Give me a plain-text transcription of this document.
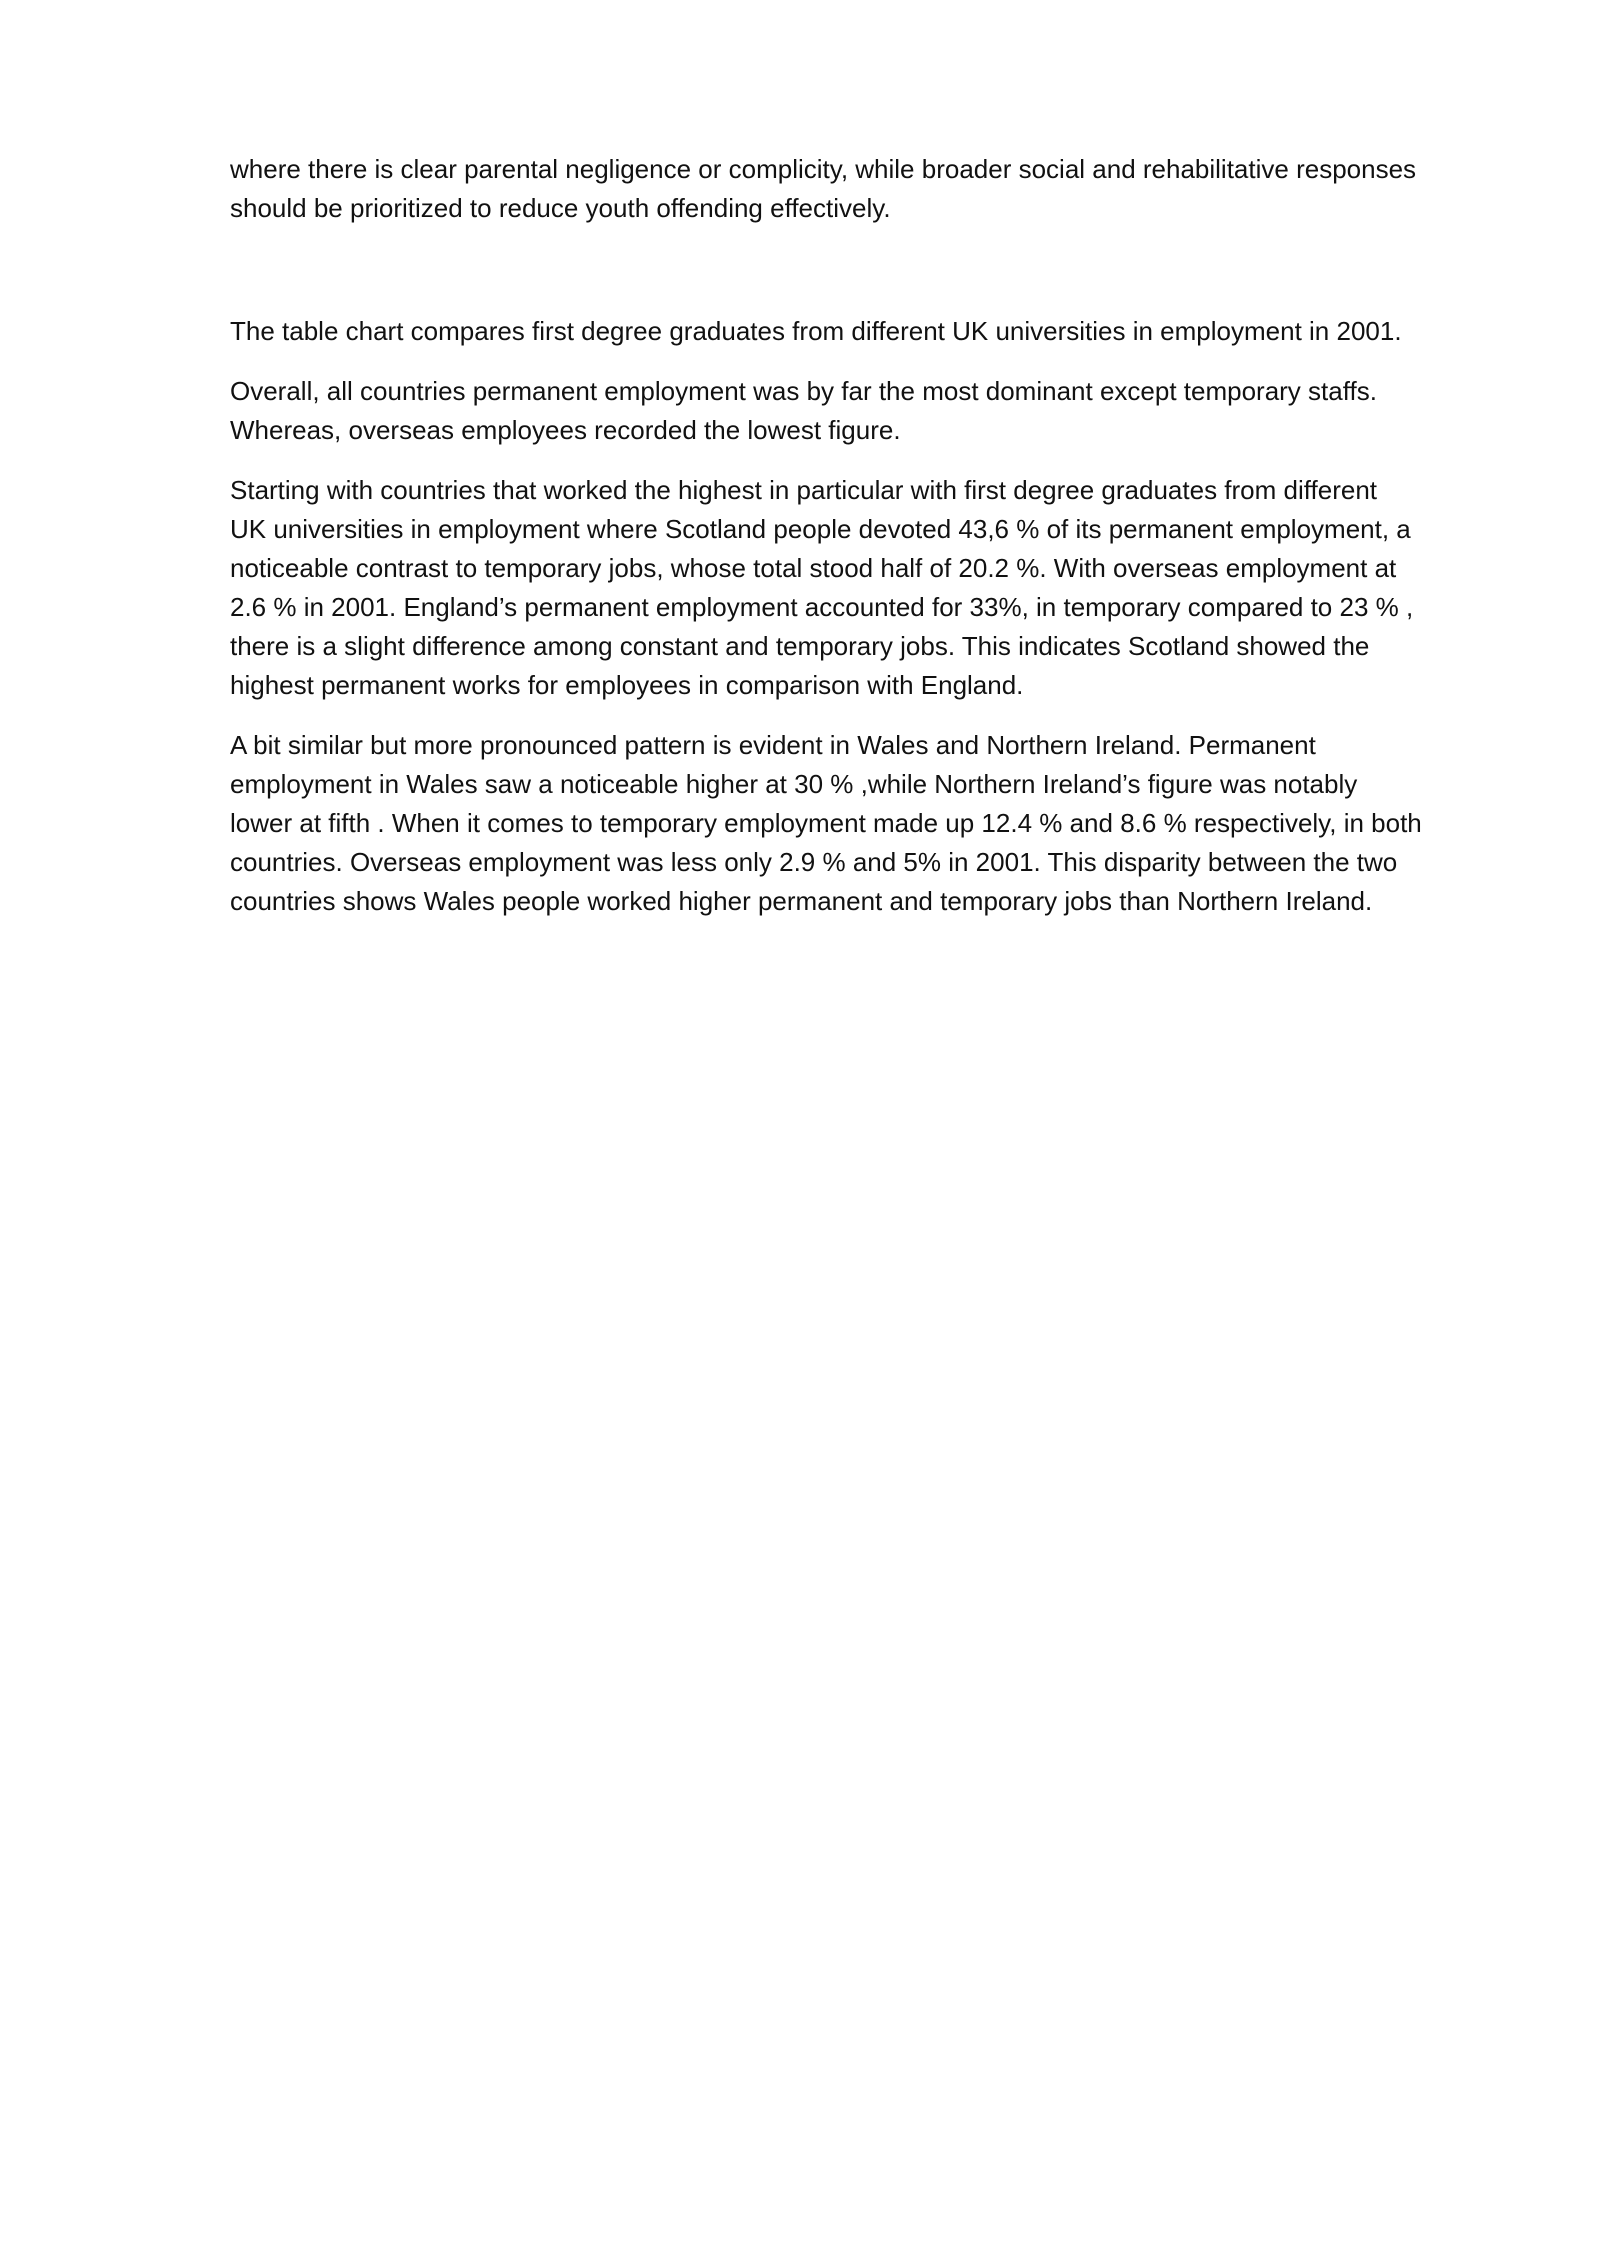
where there is clear parental negligence or complicity, while broader social and rehabilitative responses
should be prioritized to reduce youth offending effectively.

The table chart compares first degree graduates from different UK universities in employment in 2001.

Overall, all countries permanent employment was by far the most dominant except temporary staffs.
Whereas, overseas employees recorded the lowest figure.

Starting with countries that worked the highest in particular with first degree graduates from different
UK universities in employment where Scotland people devoted 43,6 % of its permanent employment, a
noticeable contrast to temporary jobs, whose total stood half of 20.2 %. With overseas employment at
2.6 % in 2001. England’s permanent employment accounted for 33%, in temporary compared to 23 % ,
there is a slight difference among constant and temporary jobs. This indicates Scotland showed the
highest permanent works for employees in comparison with England.

A bit similar but more pronounced pattern is evident in Wales and Northern Ireland. Permanent
employment in Wales saw a noticeable higher at 30 % ,while Northern Ireland’s figure was notably
lower at fifth . When it comes to temporary employment made up 12.4 % and 8.6 % respectively, in both
countries. Overseas employment was less only 2.9 % and 5% in 2001. This disparity between the two
countries shows Wales people worked higher permanent and temporary jobs than Northern Ireland.
